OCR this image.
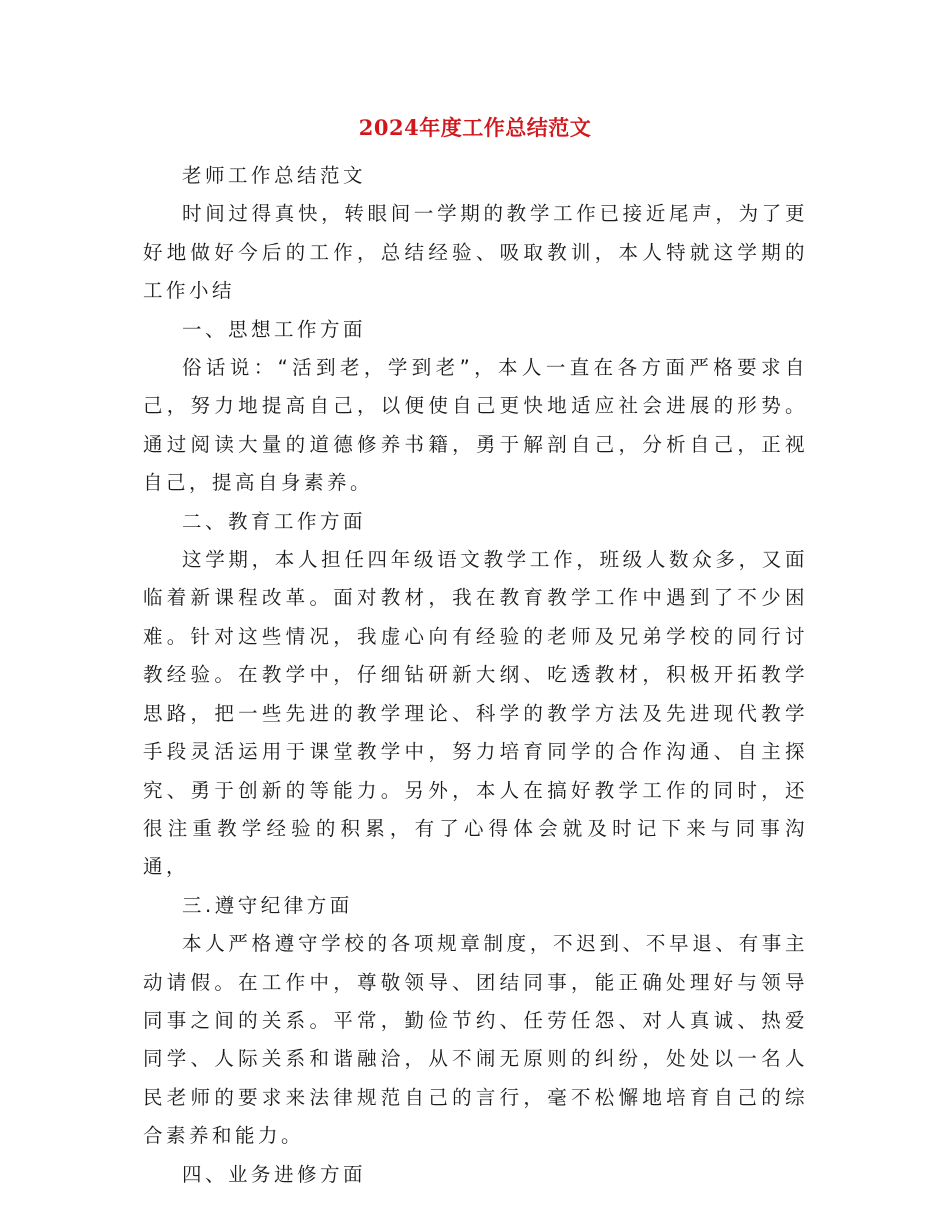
2024年度工作总结范文

老师工作总结范文

时间过得真快，转眼间一学期的教学工作已接近尾声，为了更好地做好今后的工作，总结经验、吸取教训，本人特就这学期的工作小结

一、思想工作方面

俗话说：“活到老，学到老”，本人一直在各方面严格要求自己，努力地提高自己，以便使自己更快地适应社会进展的形势。通过阅读大量的道德修养书籍，勇于解剖自己，分析自己，正视自己，提高自身素养。

二、教育工作方面

这学期，本人担任四年级语文教学工作，班级人数众多，又面临着新课程改革。面对教材，我在教育教学工作中遇到了不少困难。针对这些情况，我虚心向有经验的老师及兄弟学校的同行讨教经验。在教学中，仔细钻研新大纲、吃透教材，积极开拓教学思路，把一些先进的教学理论、科学的教学方法及先进现代教学手段灵活运用于课堂教学中，努力培育同学的合作沟通、自主探究、勇于创新的等能力。另外，本人在搞好教学工作的同时，还很注重教学经验的积累，有了心得体会就及时记下来与同事沟通，

三.遵守纪律方面

本人严格遵守学校的各项规章制度，不迟到、不早退、有事主动请假。在工作中，尊敬领导、团结同事，能正确处理好与领导同事之间的关系。平常，勤俭节约、任劳任怨、对人真诚、热爱同学、人际关系和谐融洽，从不闹无原则的纠纷，处处以一名人民老师的要求来法律规范自己的言行，毫不松懈地培育自己的综合素养和能力。

四、业务进修方面
